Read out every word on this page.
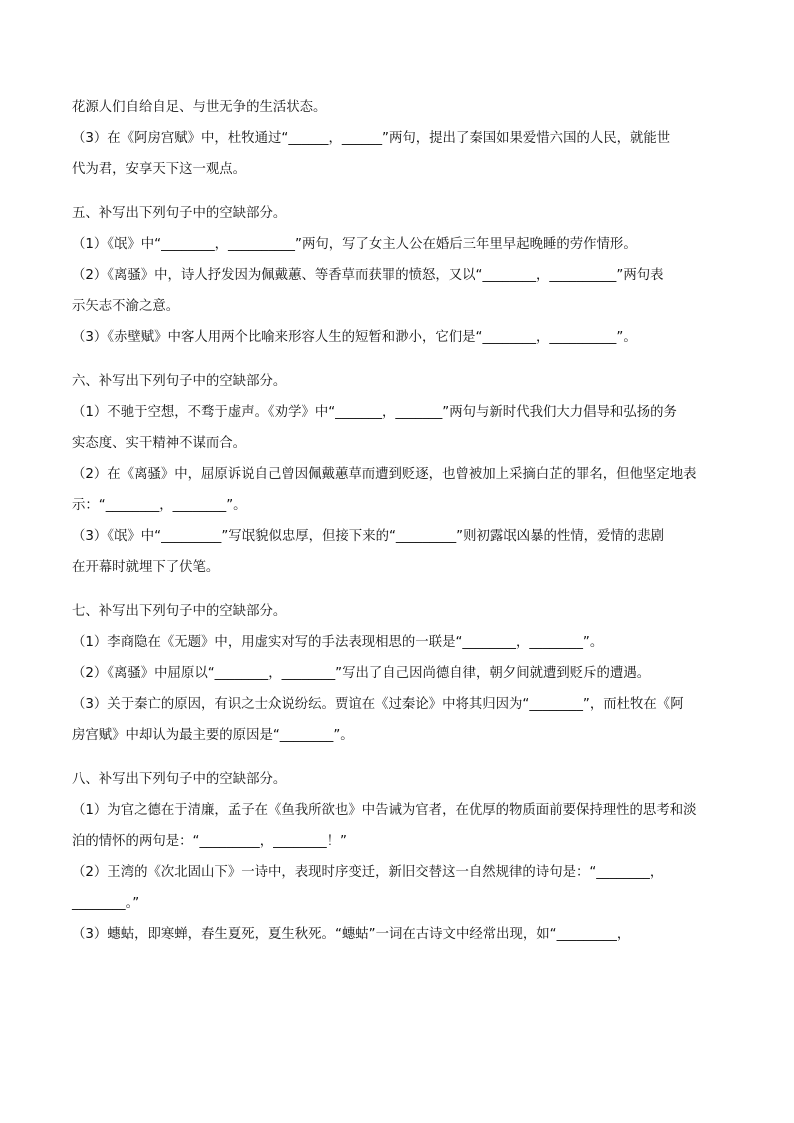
花源人们自给自足、与世无争的生活状态。
（3）在《阿房宫赋》中，杜牧通过“______，______”两句，提出了秦国如果爱惜六国的人民，就能世
代为君，安享天下这一观点。
五、补写出下列句子中的空缺部分。
（1）《氓》中“________，__________”两句，写了女主人公在婚后三年里早起晚睡的劳作情形。
（2）《离骚》中，诗人抒发因为佩戴蕙、等香草而获罪的愤怒，又以“________，__________”两句表
示矢志不渝之意。
（3）《赤壁赋》中客人用两个比喻来形容人生的短暂和渺小，它们是“________，__________”。
六、补写出下列句子中的空缺部分。
（1）不驰于空想，不骛于虚声。《劝学》中“_______，_______”两句与新时代我们大力倡导和弘扬的务
实态度、实干精神不谋而合。
（2）在《离骚》中，屈原诉说自己曾因佩戴蕙草而遭到贬逐，也曾被加上采摘白芷的罪名，但他坚定地表
示：“________，________”。
（3）《氓》中“_________”写氓貌似忠厚，但接下来的“_________”则初露氓凶暴的性情，爱情的悲剧
在开幕时就埋下了伏笔。
七、补写出下列句子中的空缺部分。
（1）李商隐在《无题》中，用虚实对写的手法表现相思的一联是“________，________”。
（2）《离骚》中屈原以“________，________”写出了自己因尚德自律，朝夕间就遭到贬斥的遭遇。
（3）关于秦亡的原因，有识之士众说纷纭。贾谊在《过秦论》中将其归因为“________”，而杜牧在《阿
房宫赋》中却认为最主要的原因是“________”。
八、补写出下列句子中的空缺部分。
（1）为官之德在于清廉，孟子在《鱼我所欲也》中告诫为官者，在优厚的物质面前要保持理性的思考和淡
泊的情怀的两句是：“_________，________！”
（2）王湾的《次北固山下》一诗中，表现时序变迁，新旧交替这一自然规律的诗句是：“________，
________。”
（3）蟪蛄，即寒蝉，春生夏死，夏生秋死。“蟪蛄”一词在古诗文中经常出现，如“_________，
